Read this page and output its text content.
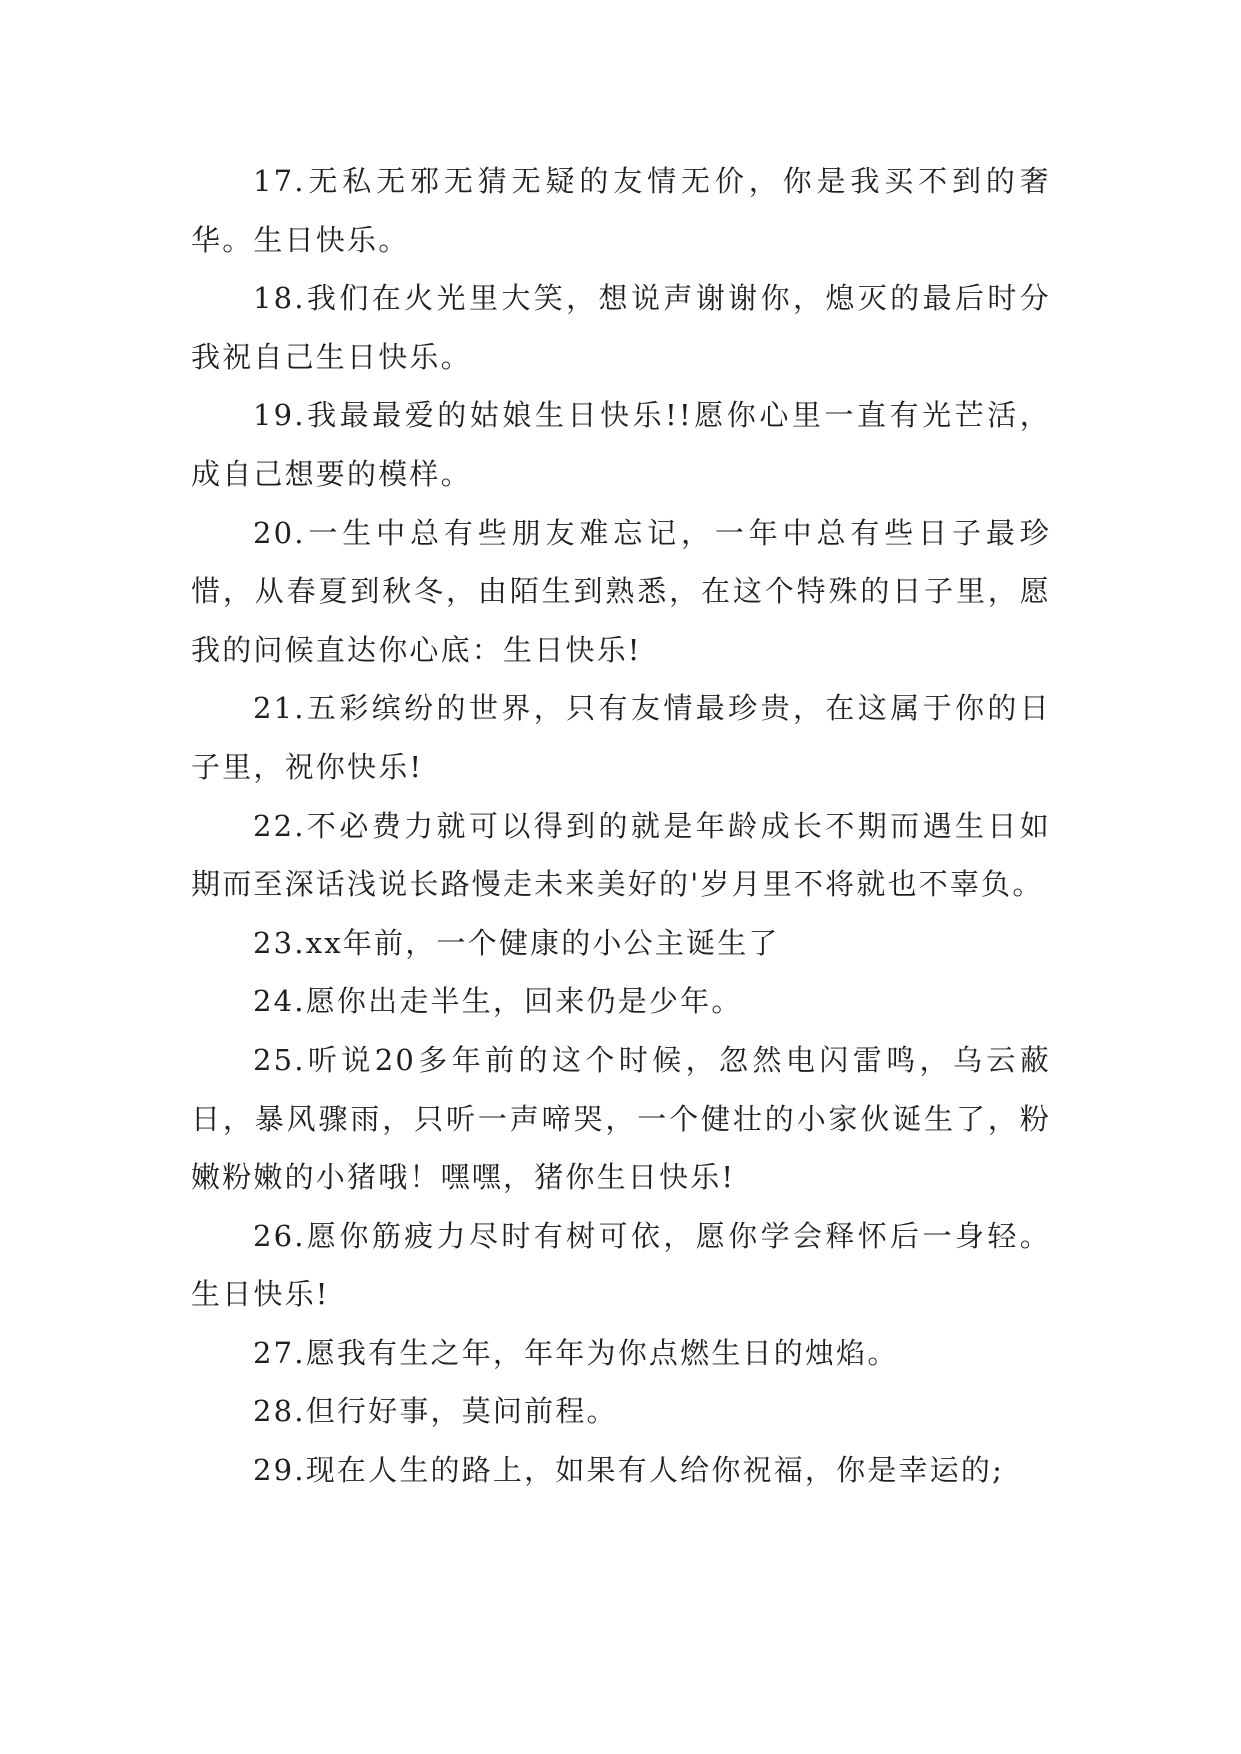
17.无私无邪无猜无疑的友情无价，你是我买不到的奢华。生日快乐。

18.我们在火光里大笑，想说声谢谢你，熄灭的最后时分我祝自己生日快乐。

19.我最最爱的姑娘生日快乐!!愿你心里一直有光芒活，成自己想要的模样。

20.一生中总有些朋友难忘记，一年中总有些日子最珍惜，从春夏到秋冬，由陌生到熟悉，在这个特殊的日子里，愿我的问候直达你心底：生日快乐!

21.五彩缤纷的世界，只有友情最珍贵，在这属于你的日子里，祝你快乐!

22.不必费力就可以得到的就是年龄成长不期而遇生日如期而至深话浅说长路慢走未来美好的'岁月里不将就也不辜负。

23.xx年前，一个健康的小公主诞生了

24.愿你出走半生，回来仍是少年。

25.听说20多年前的这个时候，忽然电闪雷鸣，乌云蔽日，暴风骤雨，只听一声啼哭，一个健壮的小家伙诞生了，粉嫩粉嫩的小猪哦！嘿嘿，猪你生日快乐!

26.愿你筋疲力尽时有树可依，愿你学会释怀后一身轻。生日快乐!

27.愿我有生之年，年年为你点燃生日的烛焰。

28.但行好事，莫问前程。

29.现在人生的路上，如果有人给你祝福，你是幸运的;
